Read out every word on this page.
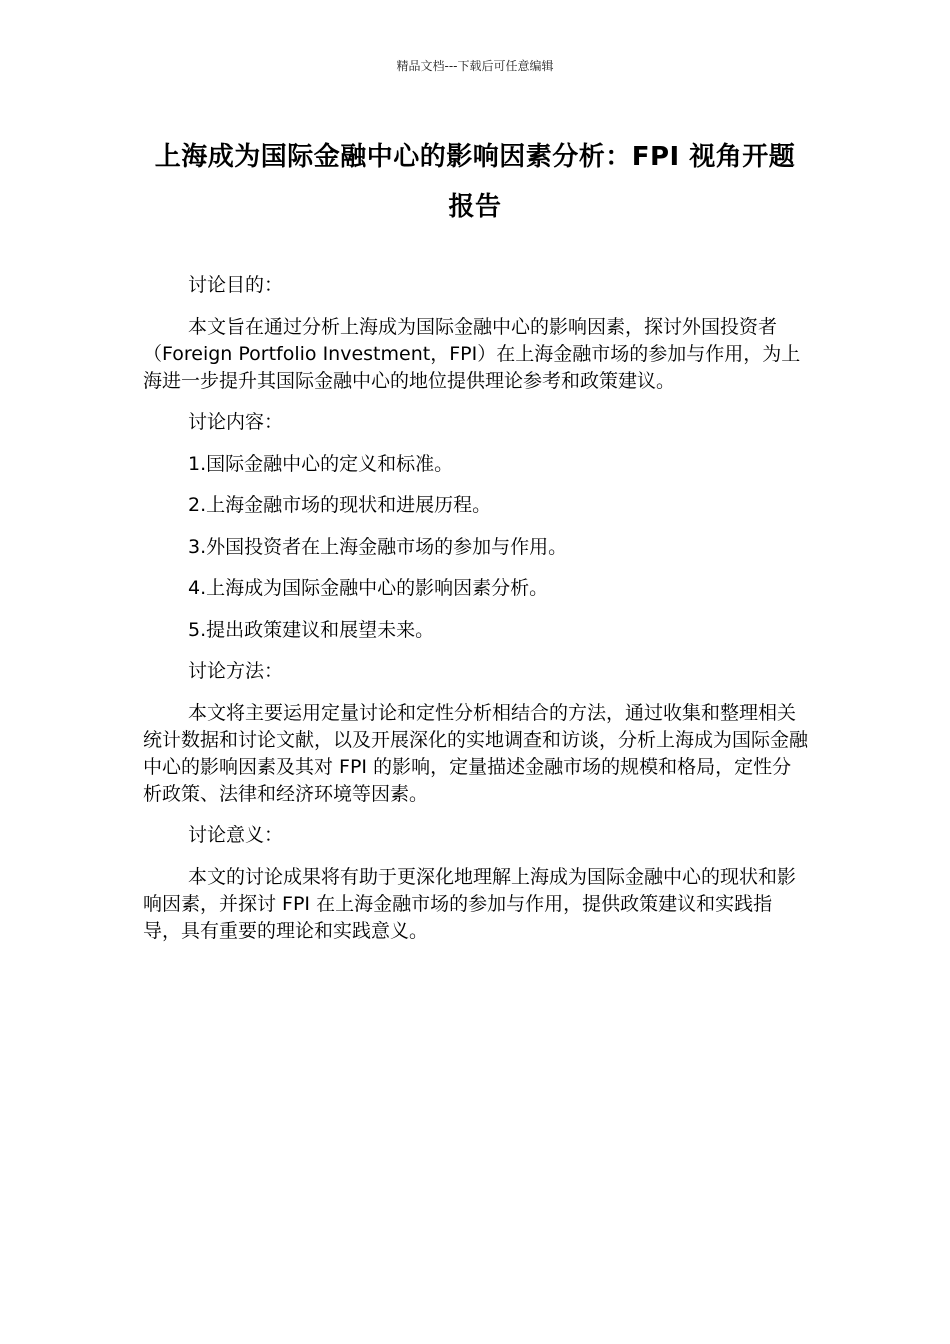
精品文档---下载后可任意编辑
上海成为国际金融中心的影响因素分析：FPI 视角开题报告

讨论目的：

本文旨在通过分析上海成为国际金融中心的影响因素，探讨外国投资者（Foreign Portfolio Investment，FPI）在上海金融市场的参加与作用，为上海进一步提升其国际金融中心的地位提供理论参考和政策建议。

讨论内容：

1.国际金融中心的定义和标准。

2.上海金融市场的现状和进展历程。

3.外国投资者在上海金融市场的参加与作用。

4.上海成为国际金融中心的影响因素分析。

5.提出政策建议和展望未来。

讨论方法：

本文将主要运用定量讨论和定性分析相结合的方法，通过收集和整理相关统计数据和讨论文献，以及开展深化的实地调查和访谈，分析上海成为国际金融中心的影响因素及其对 FPI 的影响，定量描述金融市场的规模和格局，定性分析政策、法律和经济环境等因素。

讨论意义：

本文的讨论成果将有助于更深化地理解上海成为国际金融中心的现状和影响因素，并探讨 FPI 在上海金融市场的参加与作用，提供政策建议和实践指导，具有重要的理论和实践意义。
